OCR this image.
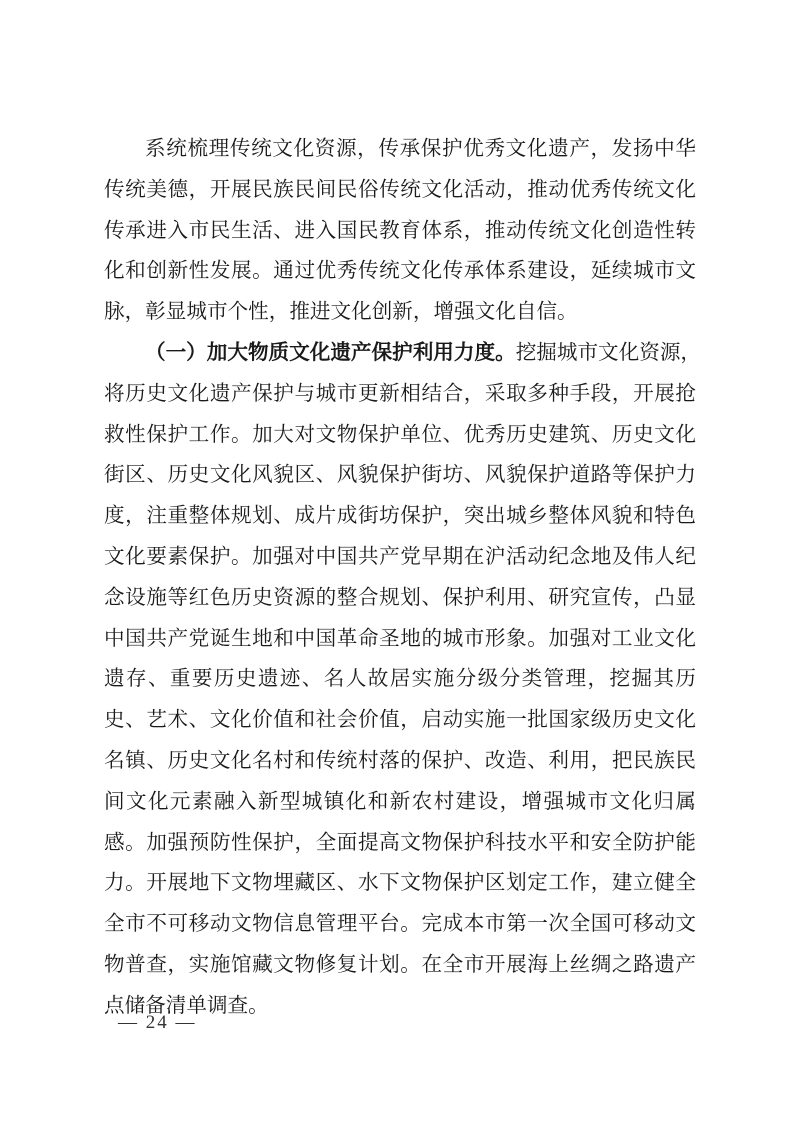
系统梳理传统文化资源，传承保护优秀文化遗产，发扬中华
传统美德，开展民族民间民俗传统文化活动，推动优秀传统文化
传承进入市民生活、进入国民教育体系，推动传统文化创造性转
化和创新性发展。通过优秀传统文化传承体系建设，延续城市文
脉，彰显城市个性，推进文化创新，增强文化自信。
（一）加大物质文化遗产保护利用力度。挖掘城市文化资源，
将历史文化遗产保护与城市更新相结合，采取多种手段，开展抢
救性保护工作。加大对文物保护单位、优秀历史建筑、历史文化
街区、历史文化风貌区、风貌保护街坊、风貌保护道路等保护力
度，注重整体规划、成片成街坊保护，突出城乡整体风貌和特色
文化要素保护。加强对中国共产党早期在沪活动纪念地及伟人纪
念设施等红色历史资源的整合规划、保护利用、研究宣传，凸显
中国共产党诞生地和中国革命圣地的城市形象。加强对工业文化
遗存、重要历史遗迹、名人故居实施分级分类管理，挖掘其历
史、艺术、文化价值和社会价值，启动实施一批国家级历史文化
名镇、历史文化名村和传统村落的保护、改造、利用，把民族民
间文化元素融入新型城镇化和新农村建设，增强城市文化归属
感。加强预防性保护，全面提高文物保护科技水平和安全防护能
力。开展地下文物埋藏区、水下文物保护区划定工作，建立健全
全市不可移动文物信息管理平台。完成本市第一次全国可移动文
物普查，实施馆藏文物修复计划。在全市开展海上丝绸之路遗产
点储备清单调查。
— 24 —
